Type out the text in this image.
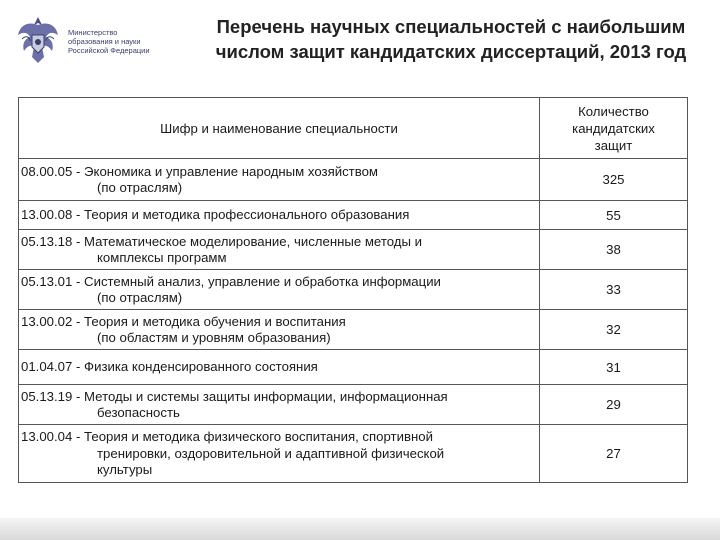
Министерство
образования и науки
Российской Федерации
Перечень научных специальностей с наибольшим
числом защит кандидатских диссертаций, 2013 год
Шифр и наименование специальности	Количество
кандидатских
защит

08.00.05 - Экономика и управление народным хозяйством
(по отраслям)	325

13.00.08 - Теория и методика профессионального образования	55

05.13.18 - Математическое моделирование, численные методы и
комплексы программ	38

05.13.01 - Системный анализ, управление и обработка информации
(по отраслям)	33

13.00.02 - Теория и методика обучения и воспитания
(по областям и уровням образования)	32

01.04.07 - Физика конденсированного состояния	31

05.13.19 - Методы и системы защиты информации, информационная
безопасность	29

13.00.04 - Теория и методика физического воспитания, спортивной
тренировки, оздоровительной и адаптивной физической
культуры	27
